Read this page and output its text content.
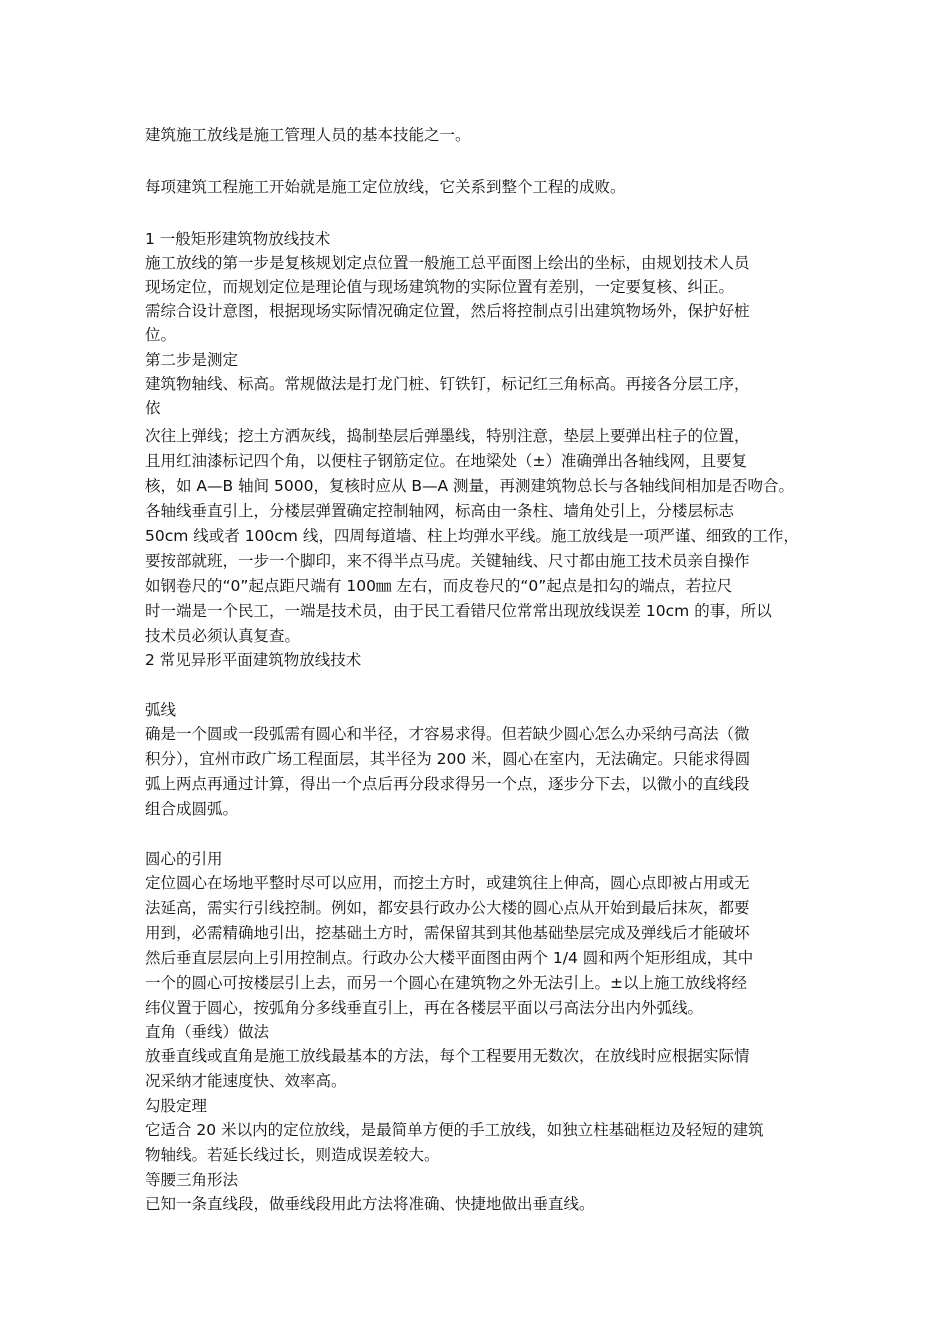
建筑施工放线是施工管理人员的基本技能之一。

每项建筑工程施工开始就是施工定位放线，它关系到整个工程的成败。

1 一般矩形建筑物放线技术

施工放线的第一步是复核规划定点位置一般施工总平面图上绘出的坐标，由规划技术人员

现场定位，而规划定位是理论值与现场建筑物的实际位置有差别，一定要复核、纠正。

需综合设计意图，根据现场实际情况确定位置，然后将控制点引出建筑物场外，保护好桩

位。

第二步是测定

建筑物轴线、标高。常规做法是打龙门桩、钉铁钉，标记红三角标高。再接各分层工序，

依

次往上弹线；挖土方洒灰线，捣制垫层后弹墨线，特别注意，垫层上要弹出柱子的位置，

且用红油漆标记四个角，以便柱子钢筋定位。在地梁处（±）准确弹出各轴线网，且要复

核，如 A—B 轴间 5000，复核时应从 B—A 测量，再测建筑物总长与各轴线间相加是否吻合。

各轴线垂直引上，分楼层弹置确定控制轴网，标高由一条柱、墙角处引上，分楼层标志

50cm 线或者 100cm 线，四周每道墙、柱上均弹水平线。施工放线是一项严谨、细致的工作，

要按部就班，一步一个脚印，来不得半点马虎。关键轴线、尺寸都由施工技术员亲自操作

如钢卷尺的“0”起点距尺端有 100㎜ 左右，而皮卷尺的“0”起点是扣勾的端点，若拉尺

时一端是一个民工，一端是技术员，由于民工看错尺位常常出现放线误差 10cm 的事，所以

技术员必须认真复查。

2 常见异形平面建筑物放线技术

弧线

确是一个圆或一段弧需有圆心和半径，才容易求得。但若缺少圆心怎么办采纳弓高法（微

积分），宜州市政广场工程面层，其半径为 200 米，圆心在室内，无法确定。只能求得圆

弧上两点再通过计算，得出一个点后再分段求得另一个点，逐步分下去，以微小的直线段

组合成圆弧。

圆心的引用

定位圆心在场地平整时尽可以应用，而挖土方时，或建筑往上伸高，圆心点即被占用或无

法延高，需实行引线控制。例如，都安县行政办公大楼的圆心点从开始到最后抹灰，都要

用到，必需精确地引出，挖基础土方时，需保留其到其他基础垫层完成及弹线后才能破坏

然后垂直层层向上引用控制点。行政办公大楼平面图由两个 1/4 圆和两个矩形组成，其中

一个的圆心可按楼层引上去，而另一个圆心在建筑物之外无法引上。±以上施工放线将经

纬仪置于圆心，按弧角分多线垂直引上，再在各楼层平面以弓高法分出内外弧线。

直角（垂线）做法

放垂直线或直角是施工放线最基本的方法，每个工程要用无数次，在放线时应根据实际情

况采纳才能速度快、效率高。

勾股定理

它适合 20 米以内的定位放线，是最简单方便的手工放线，如独立柱基础框边及轻短的建筑

物轴线。若延长线过长，则造成误差较大。

等腰三角形法

已知一条直线段，做垂线段用此方法将准确、快捷地做出垂直线。
